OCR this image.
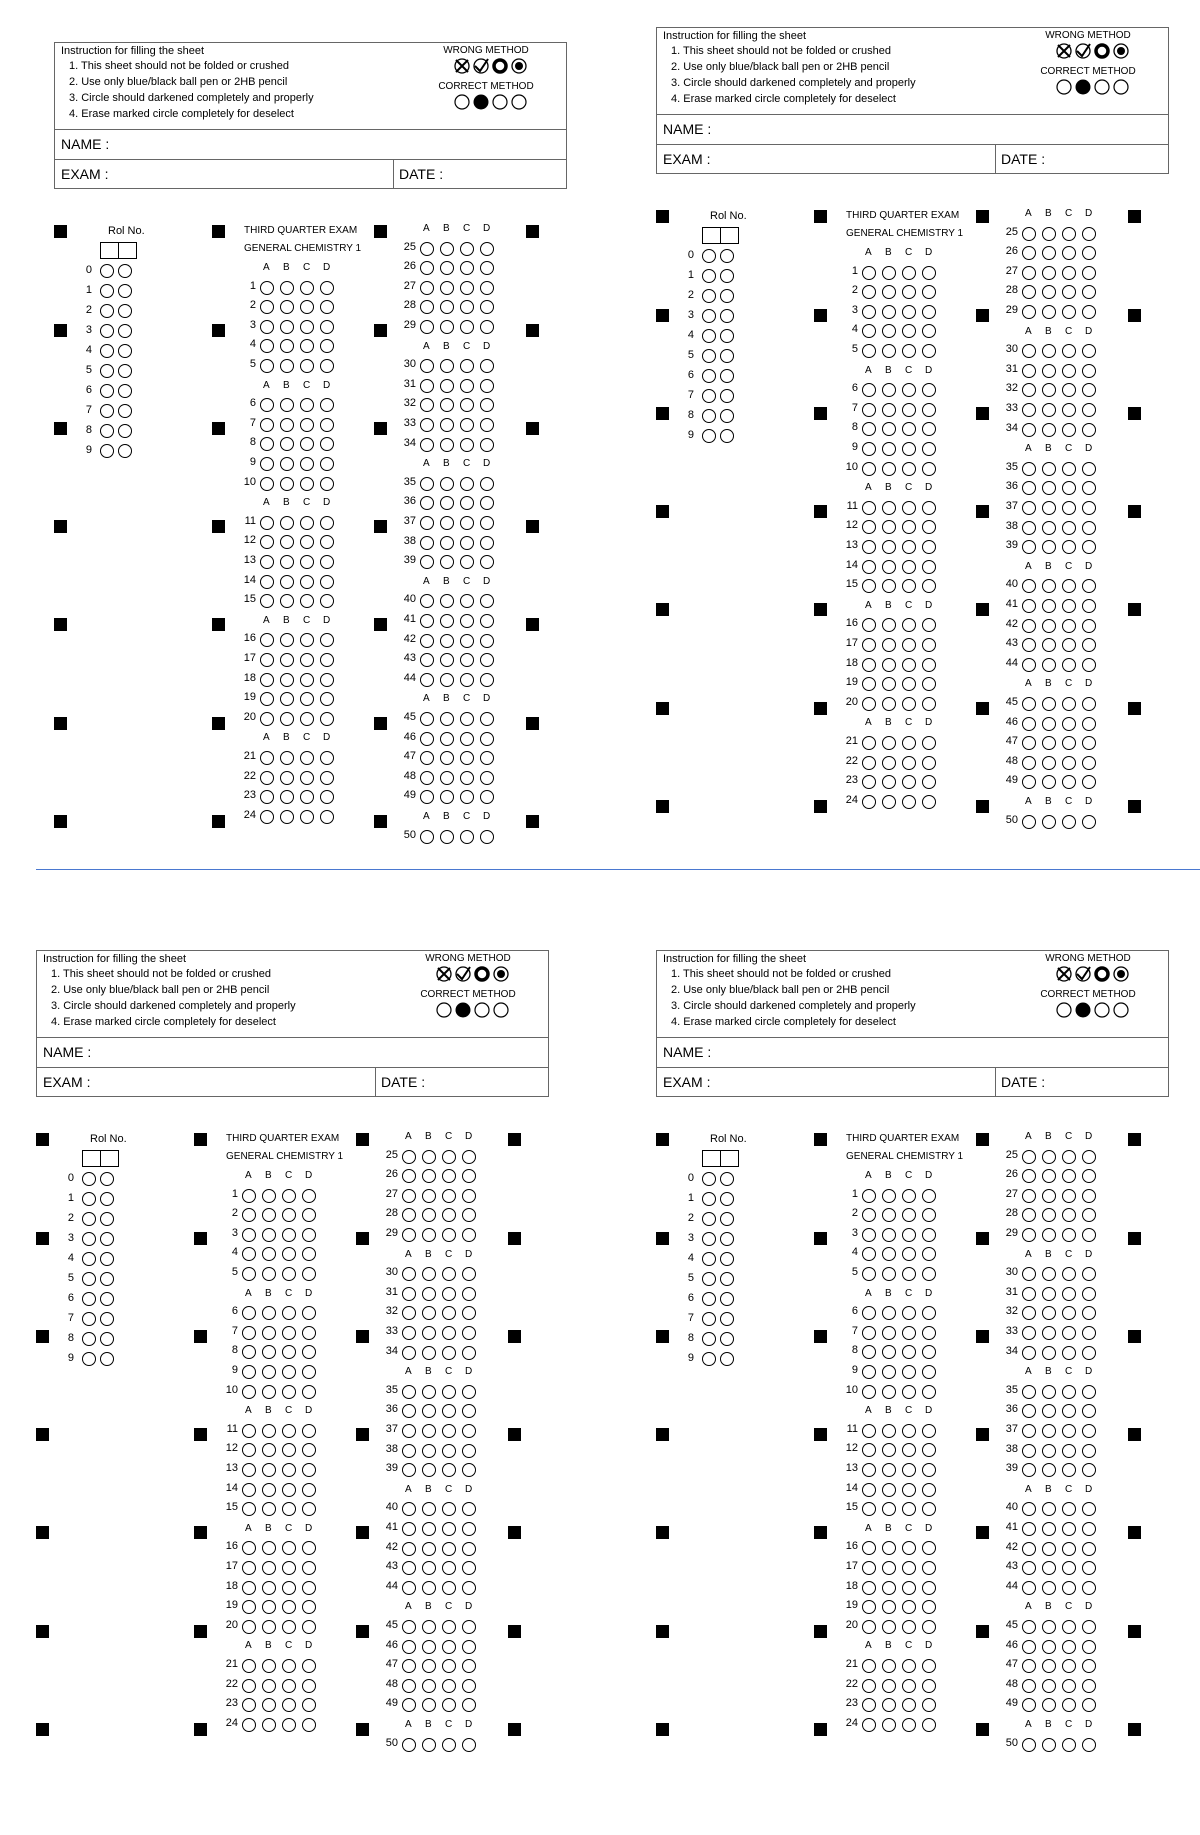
Instruction for filling the sheet
1. This sheet should not be folded or crushed
2. Use only blue/black ball pen or 2HB pencil
3. Circle should darkened completely and properly
4. Erase marked circle completely for deselect
WRONG METHOD
CORRECT METHOD
NAME :
EXAM :	DATE :
Rol No.
0
1
2
3
4
5
6
7
8
9
THIRD QUARTER EXAM
GENERAL CHEMISTRY 1
A B C D
1
2
3
4
5
A B C D
6
7
8
9
10
A B C D
11
12
13
14
15
A B C D
16
17
18
19
20
A B C D
21
22
23
24
A B C D
25
26
27
28
29
A B C D
30
31
32
33
34
A B C D
35
36
37
38
39
A B C D
40
41
42
43
44
A B C D
45
46
47
48
49
A B C D
50
Instruction for filling the sheet
1. This sheet should not be folded or crushed
2. Use only blue/black ball pen or 2HB pencil
3. Circle should darkened completely and properly
4. Erase marked circle completely for deselect
WRONG METHOD
CORRECT METHOD
NAME :
EXAM :	DATE :
Rol No.
0
1
2
3
4
5
6
7
8
9
THIRD QUARTER EXAM
GENERAL CHEMISTRY 1
A B C D
1
2
3
4
5
A B C D
6
7
8
9
10
A B C D
11
12
13
14
15
A B C D
16
17
18
19
20
A B C D
21
22
23
24
A B C D
25
26
27
28
29
A B C D
30
31
32
33
34
A B C D
35
36
37
38
39
A B C D
40
41
42
43
44
A B C D
45
46
47
48
49
A B C D
50
Instruction for filling the sheet
1. This sheet should not be folded or crushed
2. Use only blue/black ball pen or 2HB pencil
3. Circle should darkened completely and properly
4. Erase marked circle completely for deselect
WRONG METHOD
CORRECT METHOD
NAME :
EXAM :	DATE :
Rol No.
0
1
2
3
4
5
6
7
8
9
THIRD QUARTER EXAM
GENERAL CHEMISTRY 1
A B C D
1
2
3
4
5
A B C D
6
7
8
9
10
A B C D
11
12
13
14
15
A B C D
16
17
18
19
20
A B C D
21
22
23
24
A B C D
25
26
27
28
29
A B C D
30
31
32
33
34
A B C D
35
36
37
38
39
A B C D
40
41
42
43
44
A B C D
45
46
47
48
49
A B C D
50
Instruction for filling the sheet
1. This sheet should not be folded or crushed
2. Use only blue/black ball pen or 2HB pencil
3. Circle should darkened completely and properly
4. Erase marked circle completely for deselect
WRONG METHOD
CORRECT METHOD
NAME :
EXAM :	DATE :
Rol No.
0
1
2
3
4
5
6
7
8
9
THIRD QUARTER EXAM
GENERAL CHEMISTRY 1
A B C D
1
2
3
4
5
A B C D
6
7
8
9
10
A B C D
11
12
13
14
15
A B C D
16
17
18
19
20
A B C D
21
22
23
24
A B C D
25
26
27
28
29
A B C D
30
31
32
33
34
A B C D
35
36
37
38
39
A B C D
40
41
42
43
44
A B C D
45
46
47
48
49
A B C D
50
